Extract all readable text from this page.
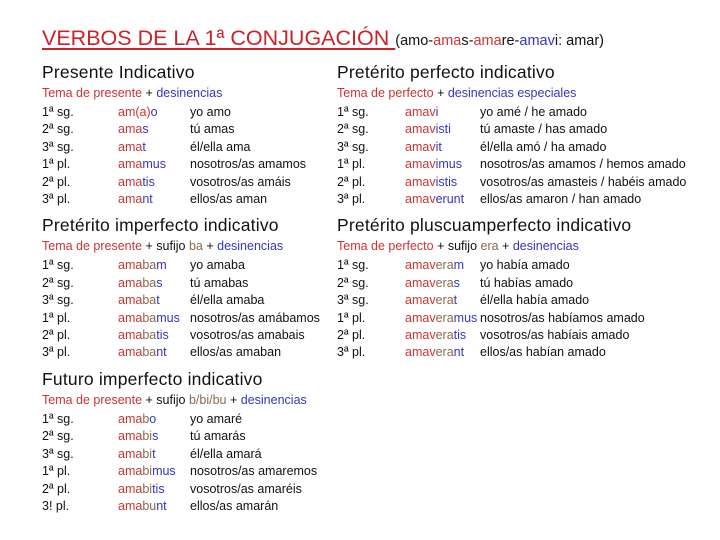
VERBOS DE LA 1ª CONJUGACIÓN (amo-amas-amare-amavi: amar)
Presente Indicativo
Tema de presente + desinencias
1ª sg.	am(a)o	yo amo
2ª sg.	amas	tú amas
3ª sg.	amat	él/ella ama
1ª pl.	amamus	nosotros/as amamos
2ª pl.	amatis	vosotros/as amáis
3ª pl.	amant	ellos/as aman
Pretérito imperfecto indicativo
Tema de presente + sufijo ba + desinencias
1ª sg.	amabam	yo amaba
2ª sg.	amabas	tú amabas
3ª sg.	amabat	él/ella amaba
1ª pl.	amabamus nosotros/as amábamos
2ª pl.	amabatis	vosotros/as amabais
3ª pl.	amabant	ellos/as amaban
Futuro imperfecto indicativo
Tema de presente + sufijo b/bi/bu + desinencias
1ª sg.	amabo	yo amaré
2ª sg.	amabis	tú amarás
3ª sg.	amabit	él/ella amará
1ª pl.	amabimus	nosotros/as amaremos
2ª pl.	amabitis	vosotros/as amaréis
3! pl.	amabunt	ellos/as amarán
Pretérito perfecto indicativo
Tema de perfecto + desinencias especiales
1ª sg.	amavi	yo amé / he amado
2ª sg.	amavisti	tú amaste / has amado
3ª sg.	amavit	él/ella amó / ha amado
1ª pl.	amavimus	nosotros/as amamos / hemos amado
2ª pl.	amavistis	vosotros/as amasteis / habéis amado
3ª pl.	amaverunt	ellos/as amaron / han amado
Pretérito pluscuamperfecto indicativo
Tema de perfecto + sufijo era + desinencias
1ª sg.	amaveram	yo había amado
2ª sg.	amaveras	tú habías amado
3ª sg.	amaverat	él/ella había amado
1ª pl.	amaveramus nosotros/as habíamos amado
2ª pl.	amaveratis	vosotros/as habíais amado
3ª pl.	amaverant	ellos/as habían amado
